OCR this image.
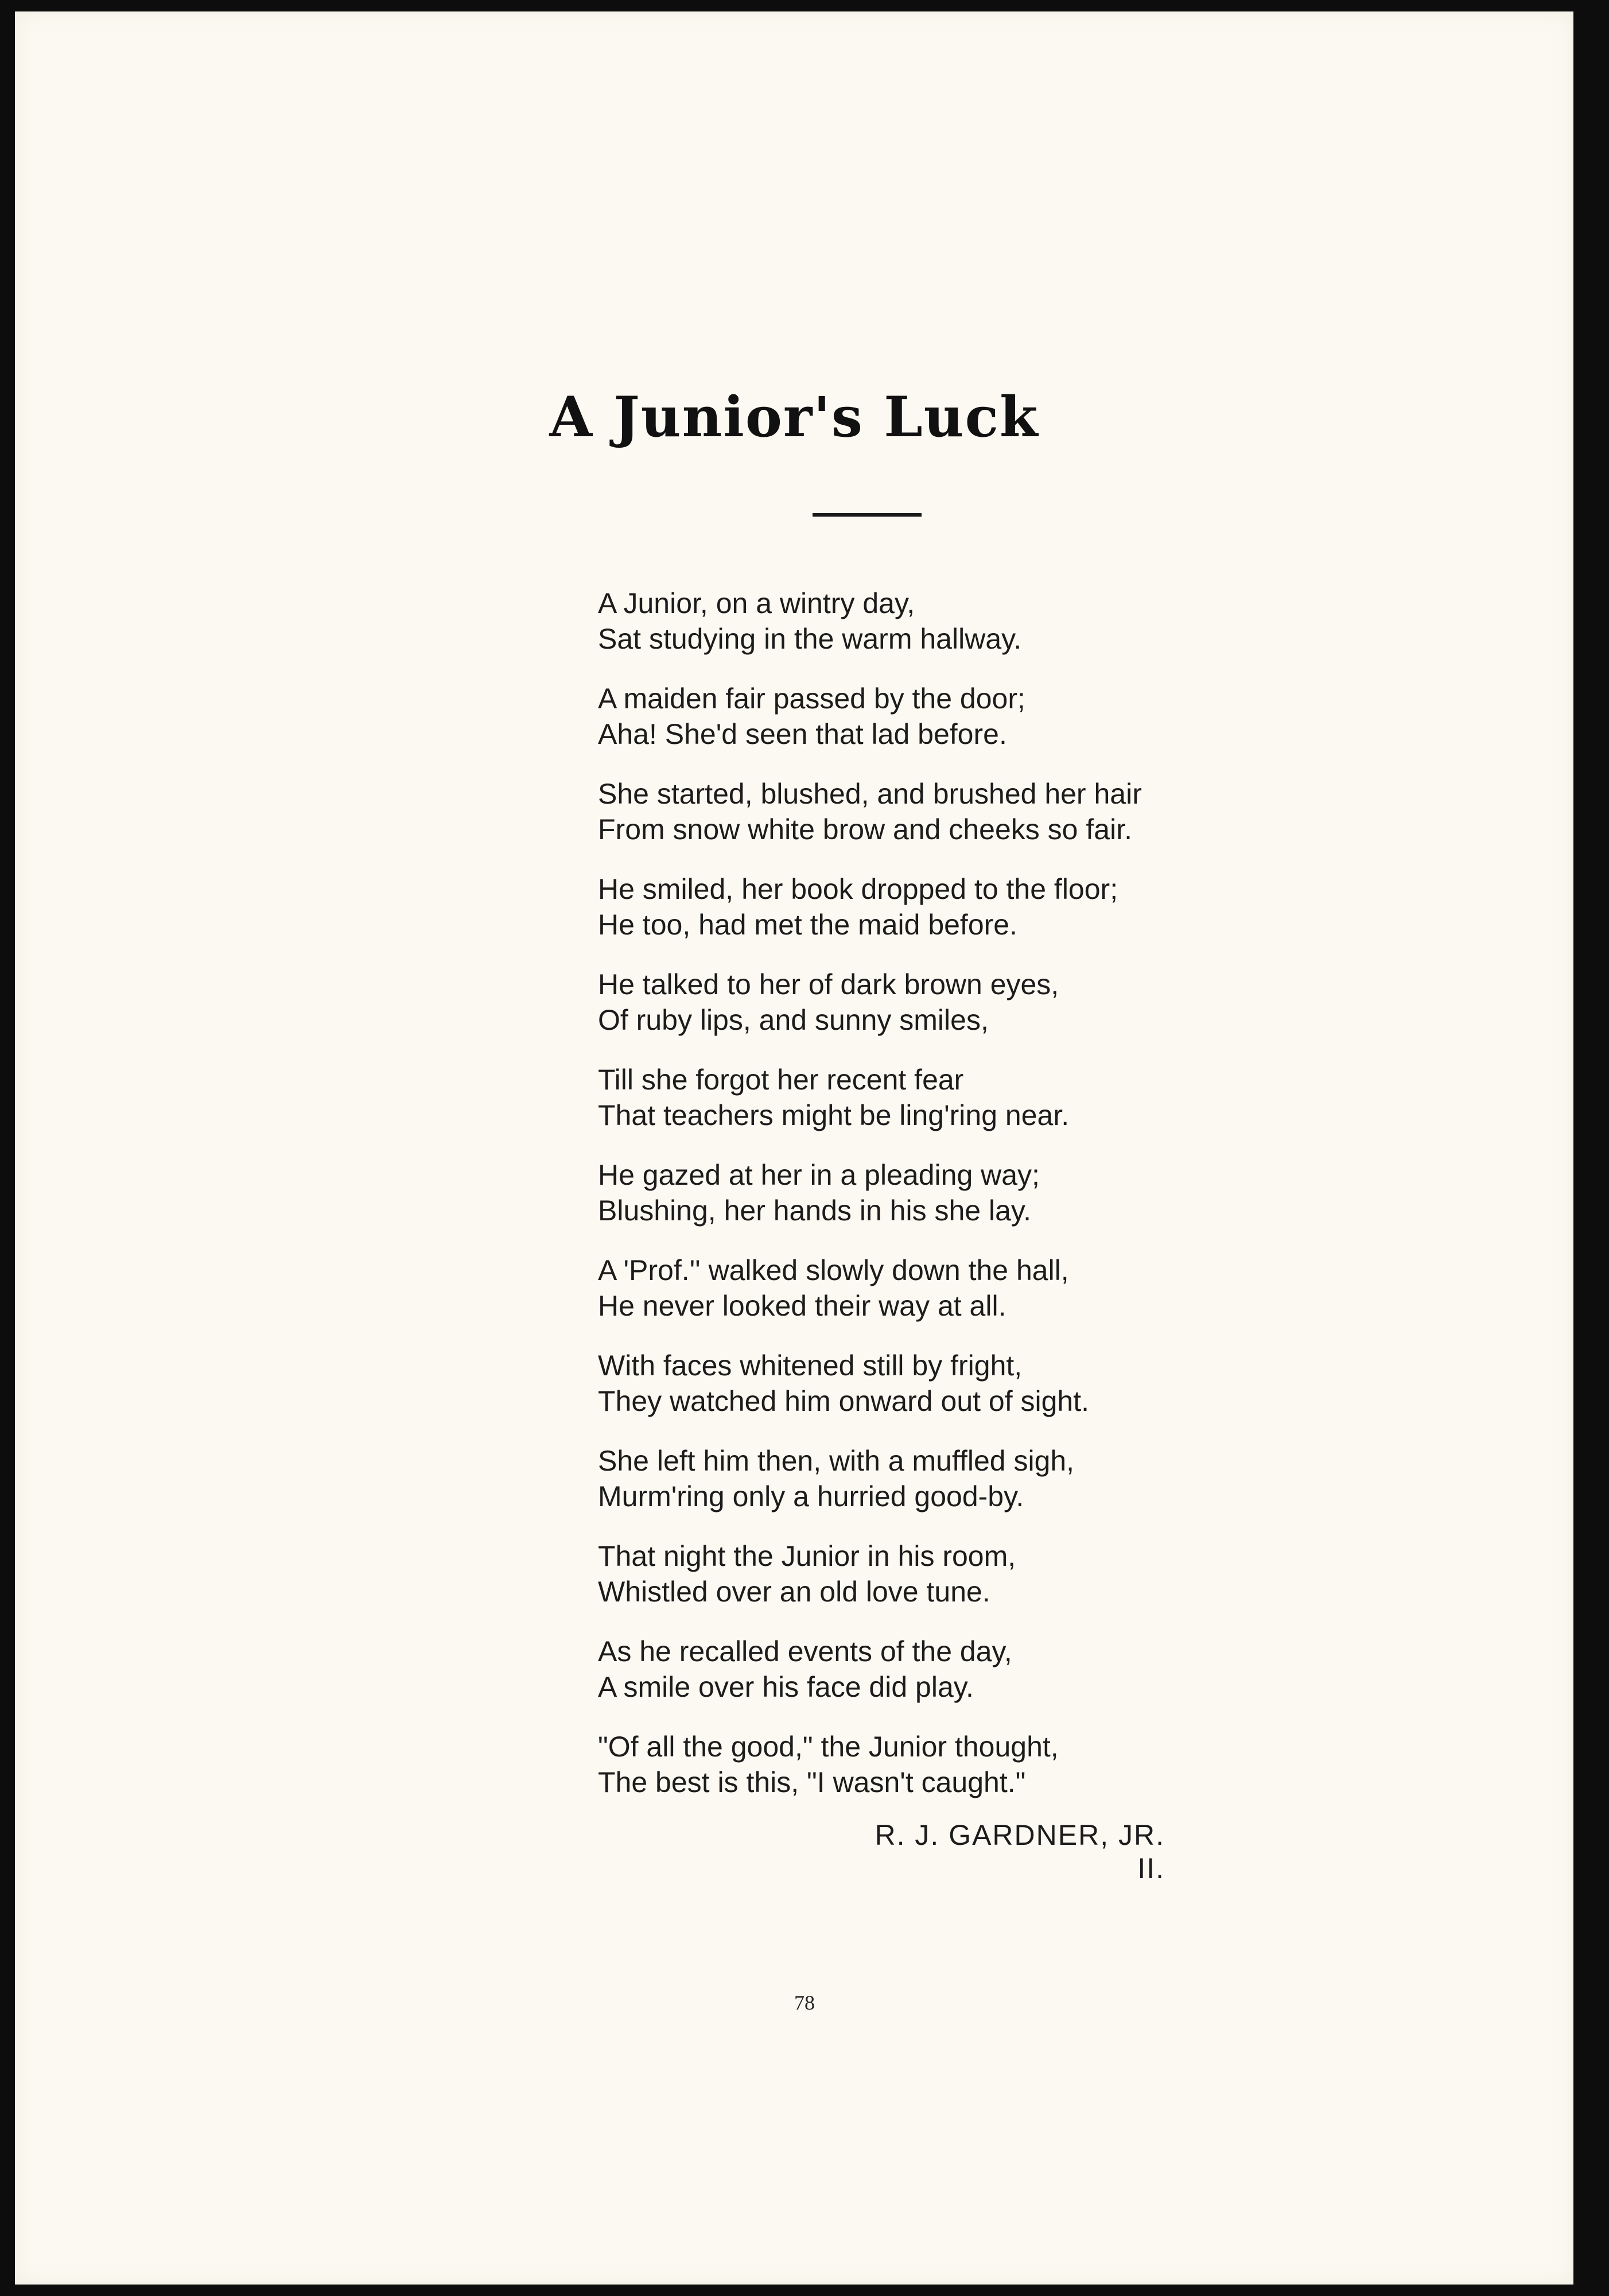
A Junior's Luck
A Junior, on a wintry day,
Sat studying in the warm hallway.
A maiden fair passed by the door;
Aha! She'd seen that lad before.
She started, blushed, and brushed her hair
From snow white brow and cheeks so fair.
He smiled, her book dropped to the floor;
He too, had met the maid before.
He talked to her of dark brown eyes,
Of ruby lips, and sunny smiles,
Till she forgot her recent fear
That teachers might be ling'ring near.
He gazed at her in a pleading way;
Blushing, her hands in his she lay.
A 'Prof.'' walked slowly down the hall,
He never looked their way at all.
With faces whitened still by fright,
They watched him onward out of sight.
She left him then, with a muffled sigh,
Murm'ring only a hurried good-by.
That night the Junior in his room,
Whistled over an old love tune.
As he recalled events of the day,
A smile over his face did play.
"Of all the good," the Junior thought,
The best is this, "I wasn't caught."
R. J. GARDNER, JR. II.
78
